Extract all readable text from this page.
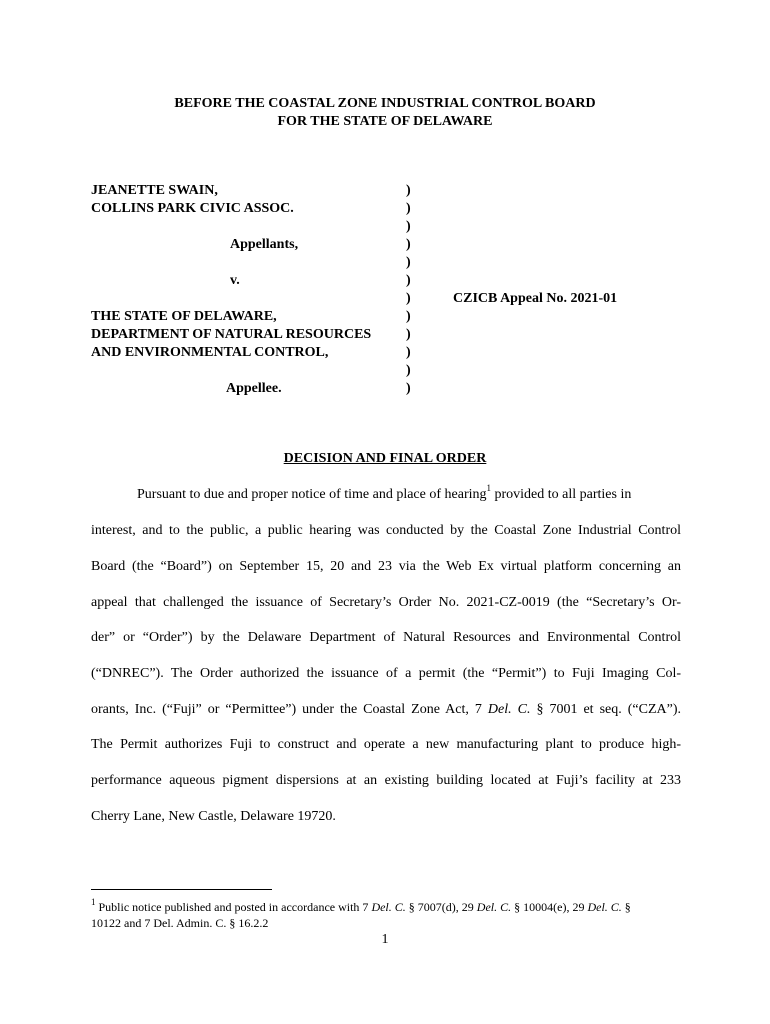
BEFORE THE COASTAL ZONE INDUSTRIAL CONTROL BOARD
FOR THE STATE OF DELAWARE
JEANETTE SWAIN,
COLLINS PARK CIVIC ASSOC.
Appellants,
v.
THE STATE OF DELAWARE,
DEPARTMENT OF NATURAL RESOURCES
AND ENVIRONMENTAL CONTROL,
Appellee.
)
)
)
)
)
)
)
)
)
)
)
)
CZICB Appeal No. 2021-01
DECISION AND FINAL ORDER
Pursuant to due and proper notice of time and place of hearing$^1$ provided to all parties in
interest, and to the public, a public hearing was conducted by the Coastal Zone Industrial Control
Board (the “Board”) on September 15, 20 and 23 via the Web Ex virtual platform concerning an
appeal that challenged the issuance of Secretary’s Order No. 2021-CZ-0019 (the “Secretary’s Or-
der” or “Order”) by the Delaware Department of Natural Resources and Environmental Control
(“DNREC”). The Order authorized the issuance of a permit (the “Permit”) to Fuji Imaging Col-
orants, Inc. (“Fuji” or “Permittee”) under the Coastal Zone Act, 7 Del. C. § 7001 et seq. (“CZA”).
The Permit authorizes Fuji to construct and operate a new manufacturing plant to produce high-
performance aqueous pigment dispersions at an existing building located at Fuji’s facility at 233
Cherry Lane, New Castle, Delaware 19720.
$^1$ Public notice published and posted in accordance with 7 Del. C. § 7007(d), 29 Del. C. § 10004(e), 29 Del. C. §
10122 and 7 Del. Admin. C. § 16.2.2
1
